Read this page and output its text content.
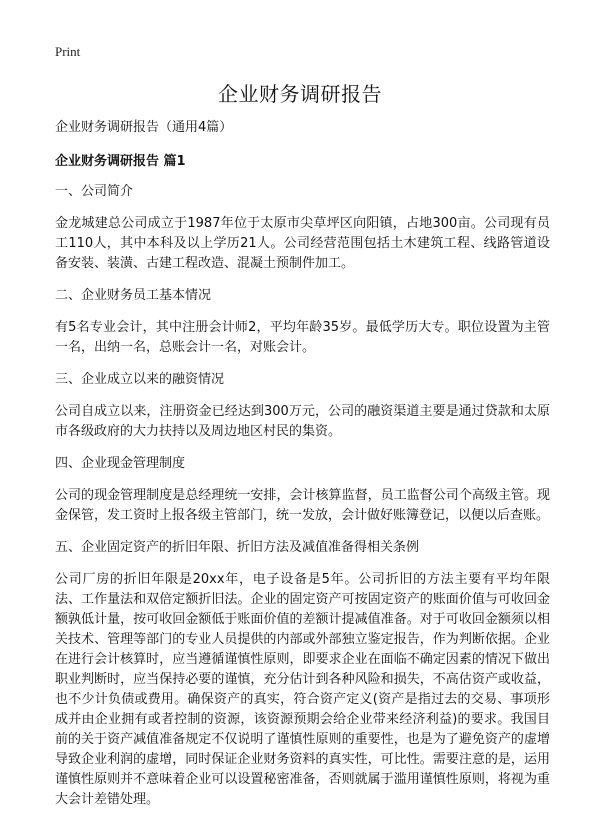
Print
企业财务调研报告

企业财务调研报告（通用4篇）

企业财务调研报告 篇1

一、公司简介

金龙城建总公司成立于1987年位于太原市尖草坪区向阳镇，占地300亩。公司现有员工110人，其中本科及以上学历21人。公司经营范围包括土木建筑工程、线路管道设备安装、装潢、古建工程改造、混凝土预制件加工。

二、企业财务员工基本情况

有5名专业会计，其中注册会计师2，平均年龄35岁。最低学历大专。职位设置为主管一名，出纳一名，总账会计一名，对账会计。

三、企业成立以来的融资情况

公司自成立以来，注册资金已经达到300万元，公司的融资渠道主要是通过贷款和太原市各级政府的大力扶持以及周边地区村民的集资。

四、企业现金管理制度

公司的现金管理制度是总经理统一安排，会计核算监督，员工监督公司个高级主管。现金保管，发工资时上报各级主管部门，统一发放，会计做好账簿登记，以便以后查账。

五、企业固定资产的折旧年限、折旧方法及减值准备得相关条例

公司厂房的折旧年限是20xx年，电子设备是5年。公司折旧的方法主要有平均年限法、工作量法和双倍定额折旧法。企业的固定资产可按固定资产的账面价值与可收回金额孰低计量，按可收回金额低于账面价值的差额计提减值准备。对于可收回金额须以相关技术、管理等部门的专业人员提供的内部或外部独立鉴定报告，作为判断依据。企业在进行会计核算时，应当遵循谨慎性原则，即要求企业在面临不确定因素的情况下做出职业判断时，应当保持必要的谨慎，充分估计到各种风险和损失，不高估资产或收益，也不少计负债或费用。确保资产的真实，符合资产定义(资产是指过去的交易、事项形成并由企业拥有或者控制的资源，该资源预期会给企业带来经济利益)的要求。我国目前的关于资产减值准备规定不仅说明了谨慎性原则的重要性，也是为了避免资产的虚增导致企业利润的虚增，同时保证企业财务资料的真实性，可比性。需要注意的是，运用谨慎性原则并不意味着企业可以设置秘密准备，否则就属于滥用谨慎性原则，将视为重大会计差错处理。
